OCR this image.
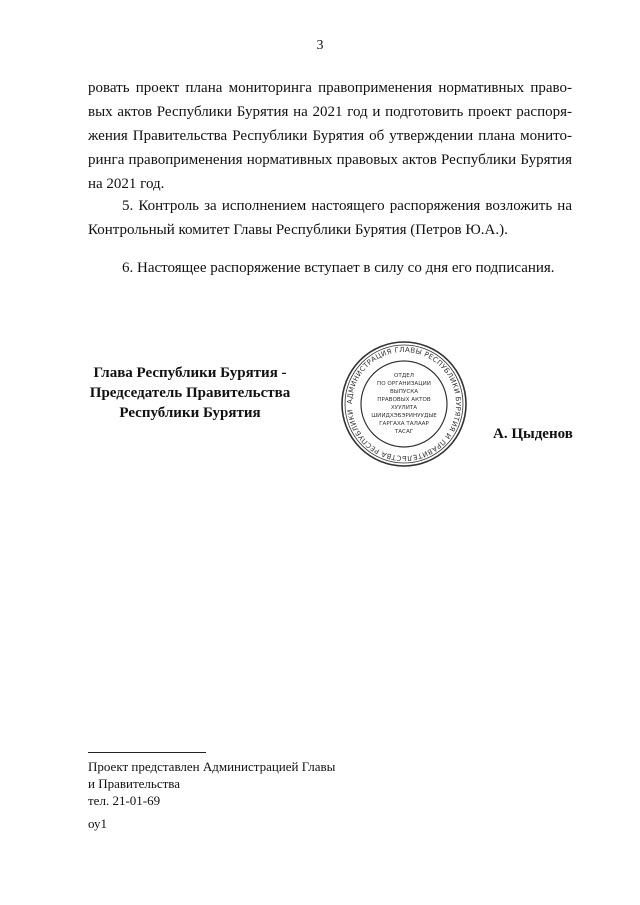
3
ровать проект плана мониторинга правоприменения нормативных право-
вых актов Республики Бурятия на 2021 год и подготовить проект распоря-
жения Правительства Республики Бурятия об утверждении плана монито-
ринга правоприменения нормативных правовых актов Республики Бурятия
на 2021 год.
5. Контроль за исполнением настоящего распоряжения возложить на
Контрольный комитет Главы Республики Бурятия (Петров Ю.А.).
6. Настоящее распоряжение вступает в силу со дня его подписания.
Глава Республики Бурятия -
Председатель Правительства
Республики Бурятия
АДМИНИСТРАЦИЯ ГЛАВЫ РЕСПУБЛИКИ БУРЯТИЯ И ПРАВИТЕЛЬСТВА РЕСПУБЛИКИ
ОТДЕЛ
ПО ОРГАНИЗАЦИИ
ВЫПУСКА
ПРАВОВЫХ АКТОВ
ХУУЛИТА
ШИИДХЭБЭРИНУУДЫЕ
ГАРГАХА ТАЛААР
ТАСАГ	А. Цыденов
Проект представлен Администрацией Главы
и Правительства
тел. 21-01-69
оу1
